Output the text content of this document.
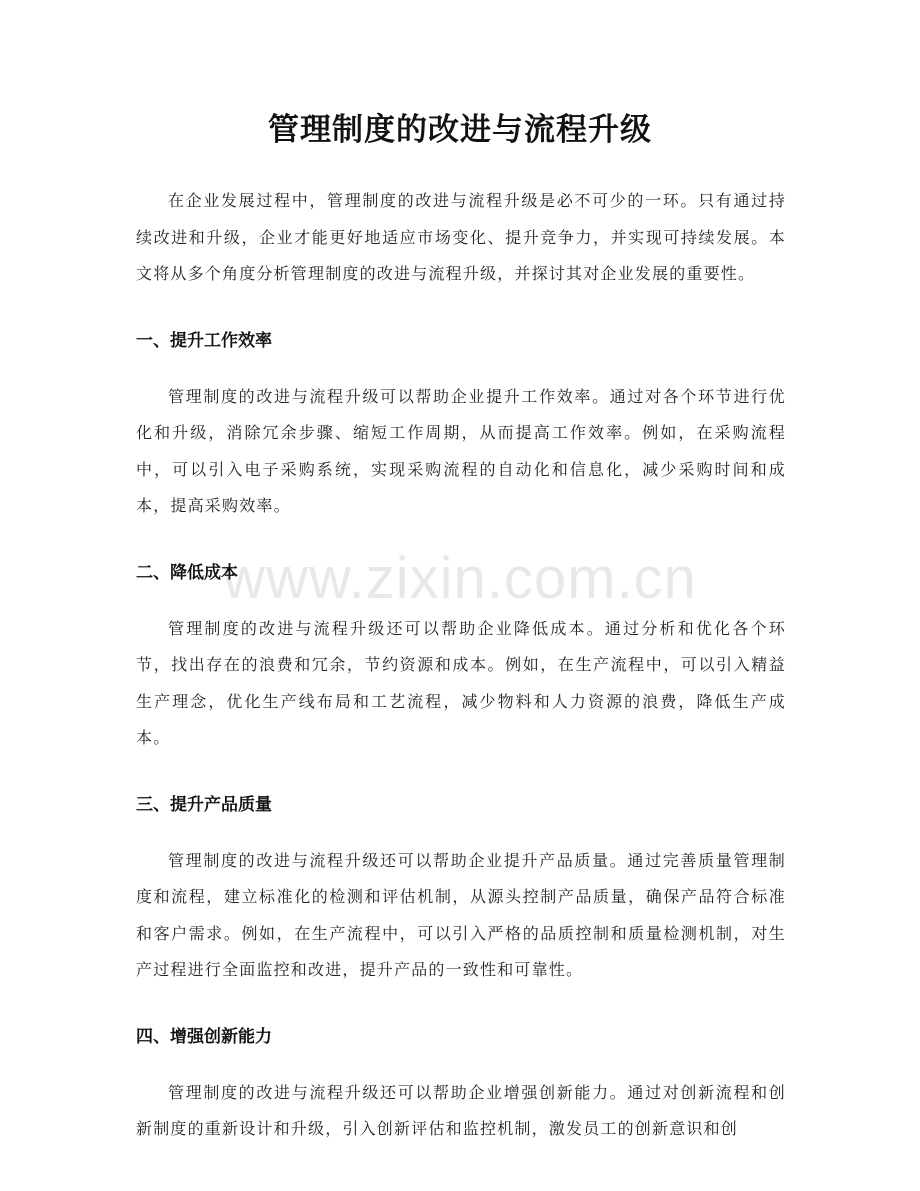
管理制度的改进与流程升级

在企业发展过程中，管理制度的改进与流程升级是必不可少的一环。只有通过持续改进和升级，企业才能更好地适应市场变化、提升竞争力，并实现可持续发展。本文将从多个角度分析管理制度的改进与流程升级，并探讨其对企业发展的重要性。

一、提升工作效率

管理制度的改进与流程升级可以帮助企业提升工作效率。通过对各个环节进行优化和升级，消除冗余步骤、缩短工作周期，从而提高工作效率。例如，在采购流程中，可以引入电子采购系统，实现采购流程的自动化和信息化，减少采购时间和成本，提高采购效率。

二、降低成本

管理制度的改进与流程升级还可以帮助企业降低成本。通过分析和优化各个环节，找出存在的浪费和冗余，节约资源和成本。例如，在生产流程中，可以引入精益生产理念，优化生产线布局和工艺流程，减少物料和人力资源的浪费，降低生产成本。

三、提升产品质量

管理制度的改进与流程升级还可以帮助企业提升产品质量。通过完善质量管理制度和流程，建立标准化的检测和评估机制，从源头控制产品质量，确保产品符合标准和客户需求。例如，在生产流程中，可以引入严格的品质控制和质量检测机制，对生产过程进行全面监控和改进，提升产品的一致性和可靠性。

四、增强创新能力

管理制度的改进与流程升级还可以帮助企业增强创新能力。通过对创新流程和创新制度的重新设计和升级，引入创新评估和监控机制，激发员工的创新意识和创

www.zixin.com.cn
